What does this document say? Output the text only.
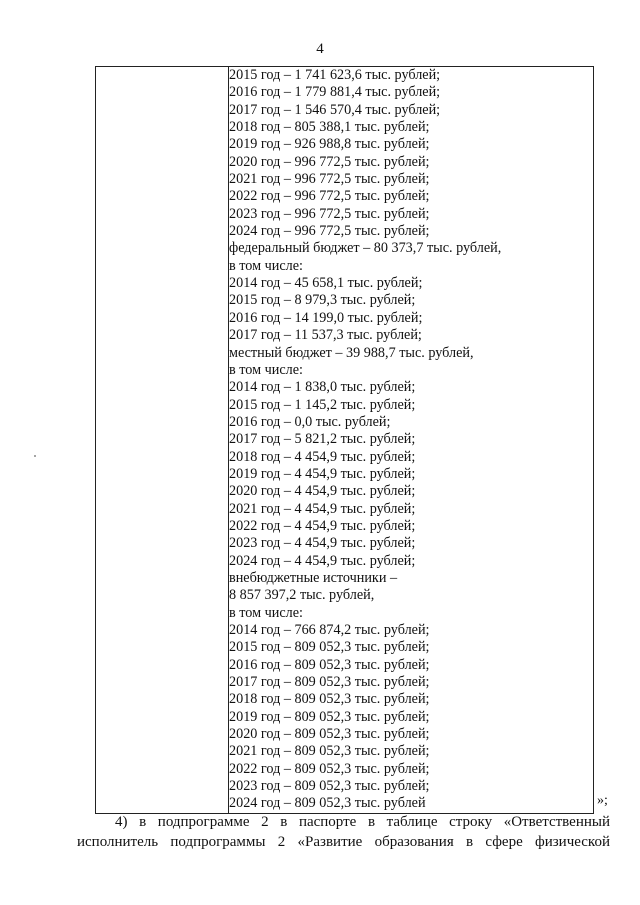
4

2015 год – 1 741 623,6 тыс. рублей;
2016 год – 1 779 881,4 тыс. рублей;
2017 год – 1 546 570,4 тыс. рублей;
2018 год – 805 388,1 тыс. рублей;
2019 год – 926 988,8 тыс. рублей;
2020 год – 996 772,5 тыс. рублей;
2021 год – 996 772,5 тыс. рублей;
2022 год – 996 772,5 тыс. рублей;
2023 год – 996 772,5 тыс. рублей;
2024 год – 996 772,5 тыс. рублей;
федеральный бюджет – 80 373,7 тыс. рублей,
в том числе:
2014 год – 45 658,1 тыс. рублей;
2015 год – 8 979,3 тыс. рублей;
2016 год – 14 199,0 тыс. рублей;
2017 год – 11 537,3 тыс. рублей;
местный бюджет – 39 988,7 тыс. рублей,
в том числе:
2014 год – 1 838,0 тыс. рублей;
2015 год – 1 145,2 тыс. рублей;
2016 год – 0,0 тыс. рублей;
2017 год – 5 821,2 тыс. рублей;
2018 год – 4 454,9 тыс. рублей;
2019 год – 4 454,9 тыс. рублей;
2020 год – 4 454,9 тыс. рублей;
2021 год – 4 454,9 тыс. рублей;
2022 год – 4 454,9 тыс. рублей;
2023 год – 4 454,9 тыс. рублей;
2024 год – 4 454,9 тыс. рублей;
внебюджетные источники –
8 857 397,2 тыс. рублей,
в том числе:
2014 год – 766 874,2 тыс. рублей;
2015 год – 809 052,3 тыс. рублей;
2016 год – 809 052,3 тыс. рублей;
2017 год – 809 052,3 тыс. рублей;
2018 год – 809 052,3 тыс. рублей;
2019 год – 809 052,3 тыс. рублей;
2020 год – 809 052,3 тыс. рублей;
2021 год – 809 052,3 тыс. рублей;
2022 год – 809 052,3 тыс. рублей;
2023 год – 809 052,3 тыс. рублей;
2024 год – 809 052,3 тыс. рублей	»;
4) в подпрограмме 2 в паспорте в таблице строку «Ответственный
исполнитель подпрограммы 2 «Развитие образования в сфере физической
